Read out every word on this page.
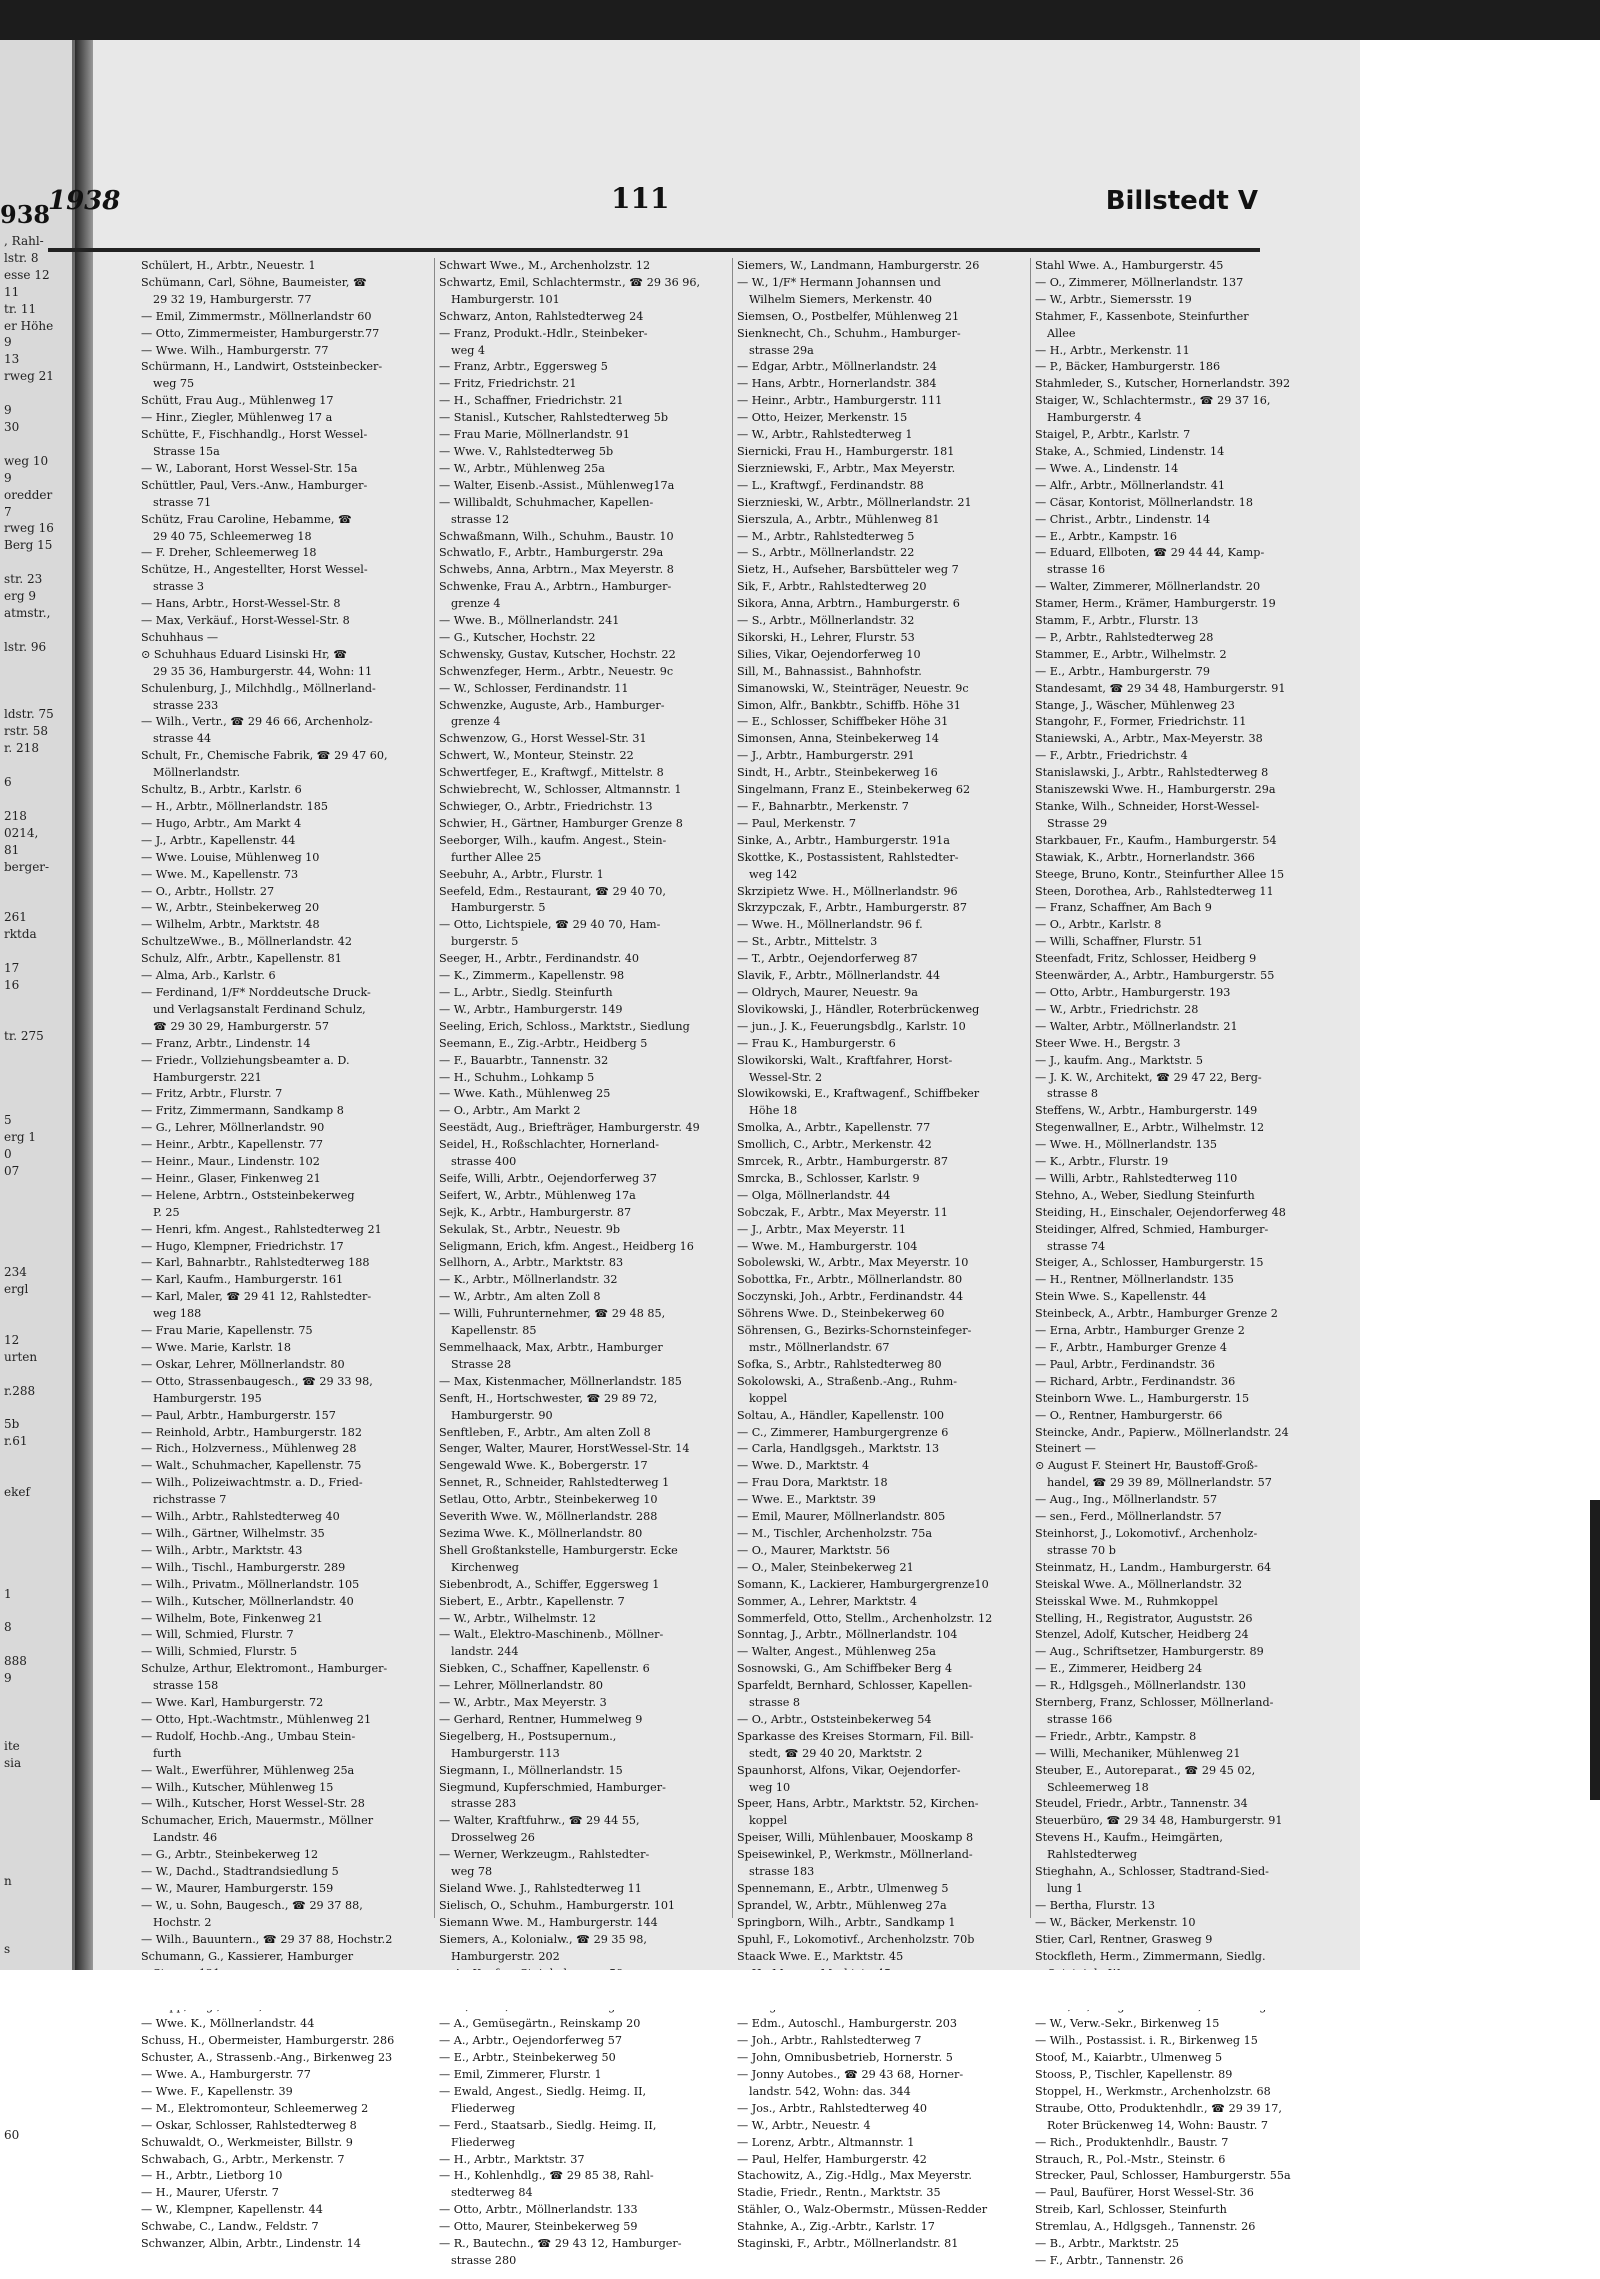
938
, Rahl-
lstr. 8
esse 12
11
tr. 11
er Höhe
9
13
rweg 21

9
30

weg 10
9
oredder
7
rweg 16
Berg 15

str. 23
erg 9
atmstr.,

lstr. 96

ldstr. 75
rstr. 58
r. 218

6

218
0214,
81
berger-

261
rktda

17
16

tr. 275

5
erg 1
0
07

234
ergl

12
urten

r.288

5b
r.61

ekef

1

8

888
9

ite
sia

n

s

60

1938	111	Billstedt V
Schülert, H., Arbtr., Neuestr. 1
Schümann, Carl, Söhne, Baumeister, ☎
29 32 19, Hamburgerstr. 77
— Emil, Zimmermstr., Möllnerlandstr 60
— Otto, Zimmermeister, Hamburgerstr.77
— Wwe. Wilh., Hamburgerstr. 77
Schürmann, H., Landwirt, Oststeinbecker-
weg 75
Schütt, Frau Aug., Mühlenweg 17
— Hinr., Ziegler, Mühlenweg 17 a
Schütte, F., Fischhandlg., Horst Wessel-
Strasse 15a
— W., Laborant, Horst Wessel-Str. 15a
Schüttler, Paul, Vers.-Anw., Hamburger-
strasse 71
Schütz, Frau Caroline, Hebamme, ☎
29 40 75, Schleemerweg 18
— F. Dreher, Schleemerweg 18
Schütze, H., Angestellter, Horst Wessel-
strasse 3
— Hans, Arbtr., Horst-Wessel-Str. 8
— Max, Verkäuf., Horst-Wessel-Str. 8
Schuhhaus —
⊙ Schuhhaus Eduard Lisinski Hr, ☎
29 35 36, Hamburgerstr. 44, Wohn: 11
Schulenburg, J., Milchhdlg., Möllnerland-
strasse 233
— Wilh., Vertr., ☎ 29 46 66, Archenholz-
strasse 44
Schult, Fr., Chemische Fabrik, ☎ 29 47 60,
Möllnerlandstr.
Schultz, B., Arbtr., Karlstr. 6
— H., Arbtr., Möllnerlandstr. 185
— Hugo, Arbtr., Am Markt 4
— J., Arbtr., Kapellenstr. 44
— Wwe. Louise, Mühlenweg 10
— Wwe. M., Kapellenstr. 73
— O., Arbtr., Hollstr. 27
— W., Arbtr., Steinbekerweg 20
— Wilhelm, Arbtr., Marktstr. 48
SchultzeWwe., B., Möllnerlandstr. 42
Schulz, Alfr., Arbtr., Kapellenstr. 81
— Alma, Arb., Karlstr. 6
— Ferdinand, 1/F* Norddeutsche Druck-
und Verlagsanstalt Ferdinand Schulz,
☎ 29 30 29, Hamburgerstr. 57
— Franz, Arbtr., Lindenstr. 14
— Friedr., Vollziehungsbeamter a. D.
Hamburgerstr. 221
— Fritz, Arbtr., Flurstr. 7
— Fritz, Zimmermann, Sandkamp 8
— G., Lehrer, Möllnerlandstr. 90
— Heinr., Arbtr., Kapellenstr. 77
— Heinr., Maur., Lindenstr. 102
— Heinr., Glaser, Finkenweg 21
— Helene, Arbtrn., Oststeinbekerweg
P. 25
— Henri, kfm. Angest., Rahlstedterweg 21
— Hugo, Klempner, Friedrichstr. 17
— Karl, Bahnarbtr., Rahlstedterweg 188
— Karl, Kaufm., Hamburgerstr. 161
— Karl, Maler, ☎ 29 41 12, Rahlstedter-
weg 188
— Frau Marie, Kapellenstr. 75
— Wwe. Marie, Karlstr. 18
— Oskar, Lehrer, Möllnerlandstr. 80
— Otto, Strassenbaugesch., ☎ 29 33 98,
Hamburgerstr. 195
— Paul, Arbtr., Hamburgerstr. 157
— Reinhold, Arbtr., Hamburgerstr. 182
— Rich., Holzverness., Mühlenweg 28
— Walt., Schuhmacher, Kapellenstr. 75
— Wilh., Polizeiwachtmstr. a. D., Fried-
richstrasse 7
— Wilh., Arbtr., Rahlstedterweg 40
— Wilh., Gärtner, Wilhelmstr. 35
— Wilh., Arbtr., Marktstr. 43
— Wilh., Tischl., Hamburgerstr. 289
— Wilh., Privatm., Möllnerlandstr. 105
— Wilh., Kutscher, Möllnerlandstr. 40
— Wilhelm, Bote, Finkenweg 21
— Will, Schmied, Flurstr. 7
— Willi, Schmied, Flurstr. 5
Schulze, Arthur, Elektromont., Hamburger-
strasse 158
— Wwe. Karl, Hamburgerstr. 72
— Otto, Hpt.-Wachtmstr., Mühlenweg 21
— Rudolf, Hochb.-Ang., Umbau Stein-
furth
— Walt., Ewerführer, Mühlenweg 25a
— Wilh., Kutscher, Mühlenweg 15
— Wilh., Kutscher, Horst Wessel-Str. 28
Schumacher, Erich, Mauermstr., Möllner
Landstr. 46
— G., Arbtr., Steinbekerweg 12
— W., Dachd., Stadtrandsiedlung 5
— W., Maurer, Hamburgerstr. 159
— W., u. Sohn, Baugesch., ☎ 29 37 88,
Hochstr. 2
— Wilh., Bauuntern., ☎ 29 37 88, Hochstr.2
Schumann, G., Kassierer, Hamburger
— Wwe. K., Möllnerlandstr. 44
Schuss, H., Obermeister, Hamburgerstr. 286
Schuster, A., Strassenb.-Ang., Birkenweg 23
— Wwe. A., Hamburgerstr. 77
— Wwe. F., Kapellenstr. 39
— M., Elektromonteur, Schleemerweg 2
— Oskar, Schlosser, Rahlstedterweg 8
Schuwaldt, O., Werkmeister, Billstr. 9
Schwabach, G., Arbtr., Merkenstr. 7
— H., Arbtr., Lietborg 10
— H., Maurer, Uferstr. 7
— W., Klempner, Kapellenstr. 44
Schwabe, C., Landw., Feldstr. 7
Schwanzer, Albin, Arbtr., Lindenstr. 14
Schwart Wwe., M., Archenholzstr. 12
Schwartz, Emil, Schlachtermstr., ☎ 29 36 96,
Hamburgerstr. 101
Schwarz, Anton, Rahlstedterweg 24
— Franz, Produkt.-Hdlr., Steinbeker-
weg 4
— Franz, Arbtr., Eggersweg 5
— Fritz, Friedrichstr. 21
— H., Schaffner, Friedrichstr. 21
— Stanisl., Kutscher, Rahlstedterweg 5b
— Frau Marie, Möllnerlandstr. 91
— Wwe. V., Rahlstedterweg 5b
— W., Arbtr., Mühlenweg 25a
— Walter, Eisenb.-Assist., Mühlenweg17a
— Willibaldt, Schuhmacher, Kapellen-
strasse 12
Schwaßmann, Wilh., Schuhm., Baustr. 10
Schwatlo, F., Arbtr., Hamburgerstr. 29a
Schwebs, Anna, Arbtrn., Max Meyerstr. 8
Schwenke, Frau A., Arbtrn., Hamburger-
grenze 4
— Wwe. B., Möllnerlandstr. 241
— G., Kutscher, Hochstr. 22
Schwensky, Gustav, Kutscher, Hochstr. 22
Schwenzfeger, Herm., Arbtr., Neuestr. 9c
— W., Schlosser, Ferdinandstr. 11
Schwenzke, Auguste, Arb., Hamburger-
grenze 4
Schwenzow, G., Horst Wessel-Str. 31
Schwert, W., Monteur, Steinstr. 22
Schwertfeger, E., Kraftwgf., Mittelstr. 8
Schwiebrecht, W., Schlosser, Altmannstr. 1
Schwieger, O., Arbtr., Friedrichstr. 13
Schwier, H., Gärtner, Hamburger Grenze 8
Seeborger, Wilh., kaufm. Angest., Stein-
further Allee 25
Seebuhr, A., Arbtr., Flurstr. 1
Seefeld, Edm., Restaurant, ☎ 29 40 70,
Hamburgerstr. 5
— Otto, Lichtspiele, ☎ 29 40 70, Ham-
burgerstr. 5
Seeger, H., Arbtr., Ferdinandstr. 40
— K., Zimmerm., Kapellenstr. 98
— L., Arbtr., Siedlg. Steinfurth
— W., Arbtr., Hamburgerstr. 149
Seeling, Erich, Schloss., Marktstr., Siedlung
Seemann, E., Zig.-Arbtr., Heidberg 5
— F., Bauarbtr., Tannenstr. 32
— H., Schuhm., Lohkamp 5
— Wwe. Kath., Mühlenweg 25
— O., Arbtr., Am Markt 2
Seestädt, Aug., Briefträger, Hamburgerstr. 49
Seidel, H., Roßschlachter, Hornerland-
strasse 400
Seife, Willi, Arbtr., Oejendorferweg 37
Seifert, W., Arbtr., Mühlenweg 17a
Sejk, K., Arbtr., Hamburgerstr. 87
Sekulak, St., Arbtr., Neuestr. 9b
Seligmann, Erich, kfm. Angest., Heidberg 16
Sellhorn, A., Arbtr., Marktstr. 83
— K., Arbtr., Möllnerlandstr. 32
— W., Arbtr., Am alten Zoll 8
— Willi, Fuhrunternehmer, ☎ 29 48 85,
Kapellenstr. 85
Semmelhaack, Max, Arbtr., Hamburger
Strasse 28
— Max, Kistenmacher, Möllnerlandstr. 185
Senft, H., Hortschwester, ☎ 29 89 72,
Hamburgerstr. 90
Senftleben, F., Arbtr., Am alten Zoll 8
Senger, Walter, Maurer, HorstWessel-Str. 14
Sengewald Wwe. K., Bobergerstr. 17
Sennet, R., Schneider, Rahlstedterweg 1
Setlau, Otto, Arbtr., Steinbekerweg 10
Severith Wwe. W., Möllnerlandstr. 288
Sezima Wwe. K., Möllnerlandstr. 80
Shell Großtankstelle, Hamburgerstr. Ecke
Kirchenweg
Siebenbrodt, A., Schiffer, Eggersweg 1
Siebert, E., Arbtr., Kapellenstr. 7
— W., Arbtr., Wilhelmstr. 12
— Walt., Elektro-Maschinenb., Möllner-
landstr. 244
Siebken, C., Schaffner, Kapellenstr. 6
— Lehrer, Möllnerlandstr. 80
— W., Arbtr., Max Meyerstr. 3
— Gerhard, Rentner, Hummelweg 9
Siegelberg, H., Postsupernum.,
Hamburgerstr. 113
Siegmann, I., Möllnerlandstr. 15
Siegmund, Kupferschmied, Hamburger-
strasse 283
— Walter, Kraftfuhrw., ☎ 29 44 55,
Drosselweg 26
— Werner, Werkzeugm., Rahlstedter-
weg 78
Sieland Wwe. J., Rahlstedterweg 11
Sielisch, O., Schuhm., Hamburgerstr. 101
Siemann Wwe. M., Hamburgerstr. 144
Siemers, A., Kolonialw., ☎ 29 35 98,
Hamburgerstr. 202
— A., Gemüsegärtn., Reinskamp 20
— A., Arbtr., Oejendorferweg 57
— E., Arbtr., Steinbekerweg 50
— Emil, Zimmerer, Flurstr. 1
— Ewald, Angest., Siedlg. Heimg. II,
Fliederweg
— Ferd., Staatsarb., Siedlg. Heimg. II,
Fliederweg
— H., Arbtr., Marktstr. 37
— H., Kohlenhdlg., ☎ 29 85 38, Rahl-
stedterweg 84
— Otto, Arbtr., Möllnerlandstr. 133
— Otto, Maurer, Steinbekerweg 59
— R., Bautechn., ☎ 29 43 12, Hamburger-
strasse 280
Siemers, W., Landmann, Hamburgerstr. 26
— W., 1/F* Hermann Johannsen und
Wilhelm Siemers, Merkenstr. 40
Siemsen, O., Postbelfer, Mühlenweg 21
Sienknecht, Ch., Schuhm., Hamburger-
strasse 29a
— Edgar, Arbtr., Möllnerlandstr. 24
— Hans, Arbtr., Hornerlandstr. 384
— Heinr., Arbtr., Hamburgerstr. 111
— Otto, Heizer, Merkenstr. 15
— W., Arbtr., Rahlstedterweg 1
Siernicki, Frau H., Hamburgerstr. 181
Sierzniewski, F., Arbtr., Max Meyerstr.
— L., Kraftwgf., Ferdinandstr. 88
Sierznieski, W., Arbtr., Möllnerlandstr. 21
Sierszula, A., Arbtr., Mühlenweg 81
— M., Arbtr., Rahlstedterweg 5
— S., Arbtr., Möllnerlandstr. 22
Sietz, H., Aufseher, Barsbütteler weg 7
Sik, F., Arbtr., Rahlstedterweg 20
Sikora, Anna, Arbtrn., Hamburgerstr. 6
— S., Arbtr., Möllnerlandstr. 32
Sikorski, H., Lehrer, Flurstr. 53
Silies, Vikar, Oejendorferweg 10
Sill, M., Bahnassist., Bahnhofstr.
Simanowski, W., Steinträger, Neuestr. 9c
Simon, Alfr., Bankbtr., Schiffb. Höhe 31
— E., Schlosser, Schiffbeker Höhe 31
Simonsen, Anna, Steinbekerweg 14
— J., Arbtr., Hamburgerstr. 291
Sindt, H., Arbtr., Steinbekerweg 16
Singelmann, Franz E., Steinbekerweg 62
— F., Bahnarbtr., Merkenstr. 7
— Paul, Merkenstr. 7
Sinke, A., Arbtr., Hamburgerstr. 191a
Skottke, K., Postassistent, Rahlstedter-
weg 142
Skrzipietz Wwe. H., Möllnerlandstr. 96
Skrzypczak, F., Arbtr., Hamburgerstr. 87
— Wwe. H., Möllnerlandstr. 96 f.
— St., Arbtr., Mittelstr. 3
— T., Arbtr., Oejendorferweg 87
Slavik, F., Arbtr., Möllnerlandstr. 44
— Oldrych, Maurer, Neuestr. 9a
Slovikowski, J., Händler, Roterbrückenweg
— jun., J. K., Feuerungsbdlg., Karlstr. 10
— Frau K., Hamburgerstr. 6
Slowikorski, Walt., Kraftfahrer, Horst-
Wessel-Str. 2
Slowikowski, E., Kraftwagenf., Schiffbeker
Höhe 18
Smolka, A., Arbtr., Kapellenstr. 77
Smollich, C., Arbtr., Merkenstr. 42
Smrcek, R., Arbtr., Hamburgerstr. 87
Smrcka, B., Schlosser, Karlstr. 9
— Olga, Möllnerlandstr. 44
Sobczak, F., Arbtr., Max Meyerstr. 11
— J., Arbtr., Max Meyerstr. 11
— Wwe. M., Hamburgerstr. 104
Sobolewski, W., Arbtr., Max Meyerstr. 10
Sobottka, Fr., Arbtr., Möllnerlandstr. 80
Soczynski, Joh., Arbtr., Ferdinandstr. 44
Söhrens Wwe. D., Steinbekerweg 60
Söhrensen, G., Bezirks-Schornsteinfeger-
mstr., Möllnerlandstr. 67
Sofka, S., Arbtr., Rahlstedterweg 80
Sokolowski, A., Straßenb.-Ang., Ruhm-
koppel
Soltau, A., Händler, Kapellenstr. 100
— C., Zimmerer, Hamburgergrenze 6
— Carla, Handlgsgeh., Marktstr. 13
— Wwe. D., Marktstr. 4
— Frau Dora, Marktstr. 18
— Wwe. E., Marktstr. 39
— Emil, Maurer, Möllnerlandstr. 805
— M., Tischler, Archenholzstr. 75a
— O., Maurer, Marktstr. 56
— O., Maler, Steinbekerweg 21
Somann, K., Lackierer, Hamburgergrenze10
Sommer, A., Lehrer, Marktstr. 4
Sommerfeld, Otto, Stellm., Archenholzstr. 12
Sonntag, J., Arbtr., Möllnerlandstr. 104
— Walter, Angest., Mühlenweg 25a
Sosnowski, G., Am Schiffbeker Berg 4
Sparfeldt, Bernhard, Schlosser, Kapellen-
strasse 8
— O., Arbtr., Oststeinbekerweg 54
Sparkasse des Kreises Stormarn, Fil. Bill-
stedt, ☎ 29 40 20, Marktstr. 2
Spaunhorst, Alfons, Vikar, Oejendorfer-
weg 10
Speer, Hans, Arbtr., Marktstr. 52, Kirchen-
koppel
Speiser, Willi, Mühlenbauer, Mooskamp 8
Speisewinkel, P., Werkmstr., Möllnerland-
strasse 183
Spennemann, E., Arbtr., Ulmenweg 5
Sprandel, W., Arbtr., Mühlenweg 27a
Springborn, Wilh., Arbtr., Sandkamp 1
Spuhl, F., Lokomotivf., Archenholzstr. 70b
Staack Wwe. E., Marktstr. 45
— Edm., Autoschl., Hamburgerstr. 203
— Joh., Arbtr., Rahlstedterweg 7
— John, Omnibusbetrieb, Hornerstr. 5
— Jonny Autobes., ☎ 29 43 68, Horner-
landstr. 542, Wohn: das. 344
— Jos., Arbtr., Rahlstedterweg 40
— W., Arbtr., Neuestr. 4
— Lorenz, Arbtr., Altmannstr. 1
— Paul, Helfer, Hamburgerstr. 42
Stachowitz, A., Zig.-Hdlg., Max Meyerstr.
Stadie, Friedr., Rentn., Marktstr. 35
Stähler, O., Walz-Obermstr., Müssen-Redder
Stahnke, A., Zig.-Arbtr., Karlstr. 17
Staginski, F., Arbtr., Möllnerlandstr. 81
Stahl Wwe. A., Hamburgerstr. 45
— O., Zimmerer, Möllnerlandstr. 137
— W., Arbtr., Siemersstr. 19
Stahmer, F., Kassenbote, Steinfurther
Allee
— H., Arbtr., Merkenstr. 11
— P., Bäcker, Hamburgerstr. 186
Stahmleder, S., Kutscher, Hornerlandstr. 392
Staiger, W., Schlachtermstr., ☎ 29 37 16,
Hamburgerstr. 4
Staigel, P., Arbtr., Karlstr. 7
Stake, A., Schmied, Lindenstr. 14
— Wwe. A., Lindenstr. 14
— Alfr., Arbtr., Möllnerlandstr. 41
— Cäsar, Kontorist, Möllnerlandstr. 18
— Christ., Arbtr., Lindenstr. 14
— E., Arbtr., Kampstr. 16
— Eduard, Ellboten, ☎ 29 44 44, Kamp-
strasse 16
— Walter, Zimmerer, Möllnerlandstr. 20
Stamer, Herm., Krämer, Hamburgerstr. 19
Stamm, F., Arbtr., Flurstr. 13
— P., Arbtr., Rahlstedterweg 28
Stammer, E., Arbtr., Wilhelmstr. 2
— E., Arbtr., Hamburgerstr. 79
Standesamt, ☎ 29 34 48, Hamburgerstr. 91
Stange, J., Wäscher, Mühlenweg 23
Stangohr, F., Former, Friedrichstr. 11
Staniewski, A., Arbtr., Max-Meyerstr. 38
— F., Arbtr., Friedrichstr. 4
Stanislawski, J., Arbtr., Rahlstedterweg 8
Staniszewski Wwe. H., Hamburgerstr. 29a
Stanke, Wilh., Schneider, Horst-Wessel-
Strasse 29
Starkbauer, Fr., Kaufm., Hamburgerstr. 54
Stawiak, K., Arbtr., Hornerlandstr. 366
Steege, Bruno, Kontr., Steinfurther Allee 15
Steen, Dorothea, Arb., Rahlstedterweg 11
— Franz, Schaffner, Am Bach 9
— O., Arbtr., Karlstr. 8
— Willi, Schaffner, Flurstr. 51
Steenfadt, Fritz, Schlosser, Heidberg 9
Steenwärder, A., Arbtr., Hamburgerstr. 55
— Otto, Arbtr., Hamburgerstr. 193
— W., Arbtr., Friedrichstr. 28
— Walter, Arbtr., Möllnerlandstr. 21
Steer Wwe. H., Bergstr. 3
— J., kaufm. Ang., Marktstr. 5
— J. K. W., Architekt, ☎ 29 47 22, Berg-
strasse 8
Steffens, W., Arbtr., Hamburgerstr. 149
Stegenwallner, E., Arbtr., Wilhelmstr. 12
— Wwe. H., Möllnerlandstr. 135
— K., Arbtr., Flurstr. 19
— Willi, Arbtr., Rahlstedterweg 110
Stehno, A., Weber, Siedlung Steinfurth
Steiding, H., Einschaler, Oejendorferweg 48
Steidinger, Alfred, Schmied, Hamburger-
strasse 74
Steiger, A., Schlosser, Hamburgerstr. 15
— H., Rentner, Möllnerlandstr. 135
Stein Wwe. S., Kapellenstr. 44
Steinbeck, A., Arbtr., Hamburger Grenze 2
— Erna, Arbtr., Hamburger Grenze 2
— F., Arbtr., Hamburger Grenze 4
— Paul, Arbtr., Ferdinandstr. 36
— Richard, Arbtr., Ferdinandstr. 36
Steinborn Wwe. L., Hamburgerstr. 15
— O., Rentner, Hamburgerstr. 66
Steincke, Andr., Papierw., Möllnerlandstr. 24
Steinert —
⊙ August F. Steinert Hr, Baustoff-Groß-
handel, ☎ 29 39 89, Möllnerlandstr. 57
— Aug., Ing., Möllnerlandstr. 57
— sen., Ferd., Möllnerlandstr. 57
Steinhorst, J., Lokomotivf., Archenholz-
strasse 70 b
Steinmatz, H., Landm., Hamburgerstr. 64
Steiskal Wwe. A., Möllnerlandstr. 32
Steisskal Wwe. M., Ruhmkoppel
Stelling, H., Registrator, Auguststr. 26
Stenzel, Adolf, Kutscher, Heidberg 24
— Aug., Schriftsetzer, Hamburgerstr. 89
— E., Zimmerer, Heidberg 24
— R., Hdlgsgeh., Möllnerlandstr. 130
Sternberg, Franz, Schlosser, Möllnerland-
strasse 166
— Friedr., Arbtr., Kampstr. 8
— Willi, Mechaniker, Mühlenweg 21
Steuber, E., Autoreparat., ☎ 29 45 02,
Schleemerweg 18
Steudel, Friedr., Arbtr., Tannenstr. 34
Steuerbüro, ☎ 29 34 48, Hamburgerstr. 91
Stevens H., Kaufm., Heimgärten,
Rahlstedterweg
Stieghahn, A., Schlosser, Stadtrand-Sied-
lung 1
— Bertha, Flurstr. 13
— W., Bäcker, Merkenstr. 10
Stier, Carl, Rentner, Grasweg 9
Stockfleth, Herm., Zimmermann, Siedlg.
— W., Verw.-Sekr., Birkenweg 15
— Wilh., Postassist. i. R., Birkenweg 15
Stoof, M., Kaiarbtr., Ulmenweg 5
Stooss, P., Tischler, Kapellenstr. 89
Stoppel, H., Werkmstr., Archenholzstr. 68
Straube, Otto, Produktenhdlr., ☎ 29 39 17,
Roter Brückenweg 14, Wohn: Baustr. 7
— Rich., Produktenhdlr., Baustr. 7
Strauch, R., Pol.-Mstr., Steinstr. 6
Strecker, Paul, Schlosser, Hamburgerstr. 55a
— Paul, Baufürer, Horst Wessel-Str. 36
Streib, Karl, Schlosser, Steinfurth
Stremlau, A., Hdlgsgeh., Tannenstr. 26
— B., Arbtr., Marktstr. 25
— F., Arbtr., Tannenstr. 26
